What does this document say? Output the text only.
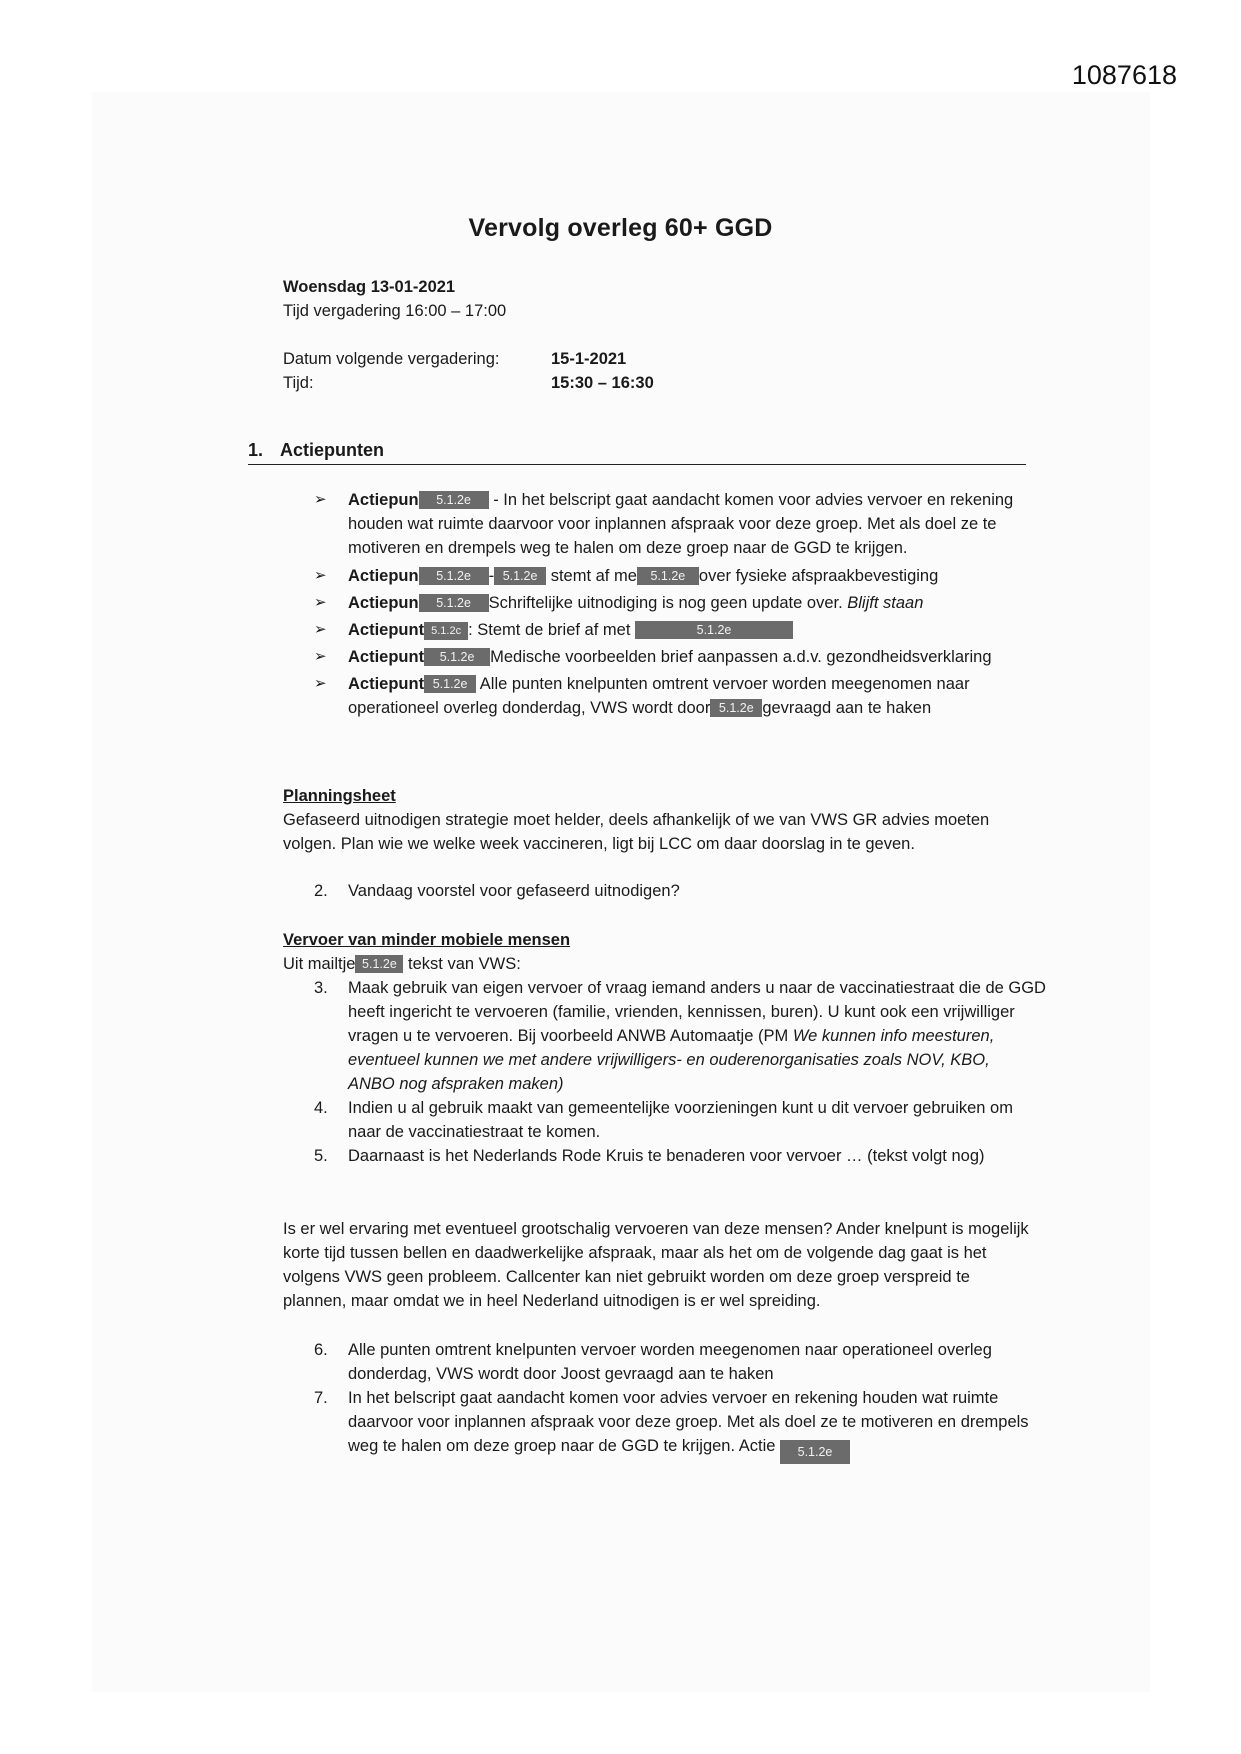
1087618
Vervolg overleg 60+ GGD
Woensdag 13-01-2021
Tijd vergadering 16:00 – 17:00
Datum volgende vergadering:	15-1-2021
Tijd:	15:30 – 16:30
1. Actiepunten
➢ Actiepun 5.1.2e - In het belscript gaat aandacht komen voor advies vervoer en rekening
houden wat ruimte daarvoor voor inplannen afspraak voor deze groep. Met als doel ze te
motiveren en drempels weg te halen om deze groep naar de GGD te krijgen.
➢ Actiepun 5.1.2e - 5.1.2e stemt af me 5.1.2e over fysieke afspraakbevestiging
➢ Actiepun 5.1.2e Schriftelijke uitnodiging is nog geen update over. Blijft staan
➢ Actiepunt 5.1.2c : Stemt de brief af met	5.1.2e
➢ Actiepunt 5.1.2e Medische voorbeelden brief aanpassen a.d.v. gezondheidsverklaring
➢ Actiepunt 5.1.2e Alle punten knelpunten omtrent vervoer worden meegenomen naar
operationeel overleg donderdag, VWS wordt door 5.1.2e gevraagd aan te haken
Planningsheet
Gefaseerd uitnodigen strategie moet helder, deels afhankelijk of we van VWS GR advies moeten
volgen. Plan wie we welke week vaccineren, ligt bij LCC om daar doorslag in te geven.
2. Vandaag voorstel voor gefaseerd uitnodigen?
Vervoer van minder mobiele mensen
Uit mailtje 5.1.2e tekst van VWS:
3. Maak gebruik van eigen vervoer of vraag iemand anders u naar de vaccinatiestraat die de GGD
heeft ingericht te vervoeren (familie, vrienden, kennissen, buren). U kunt ook een vrijwilliger
vragen u te vervoeren. Bij voorbeeld ANWB Automaatje (PM We kunnen info meesturen,
eventueel kunnen we met andere vrijwilligers- en ouderenorganisaties zoals NOV, KBO,
ANBO nog afspraken maken)
4. Indien u al gebruik maakt van gemeentelijke voorzieningen kunt u dit vervoer gebruiken om
naar de vaccinatiestraat te komen.
5. Daarnaast is het Nederlands Rode Kruis te benaderen voor vervoer … (tekst volgt nog)
Is er wel ervaring met eventueel grootschalig vervoeren van deze mensen? Ander knelpunt is mogelijk
korte tijd tussen bellen en daadwerkelijke afspraak, maar als het om de volgende dag gaat is het
volgens VWS geen probleem. Callcenter kan niet gebruikt worden om deze groep verspreid te
plannen, maar omdat we in heel Nederland uitnodigen is er wel spreiding.
6. Alle punten omtrent knelpunten vervoer worden meegenomen naar operationeel overleg
donderdag, VWS wordt door Joost gevraagd aan te haken
7. In het belscript gaat aandacht komen voor advies vervoer en rekening houden wat ruimte
daarvoor voor inplannen afspraak voor deze groep. Met als doel ze te motiveren en drempels
weg te halen om deze groep naar de GGD te krijgen. Actie 5.1.2e
